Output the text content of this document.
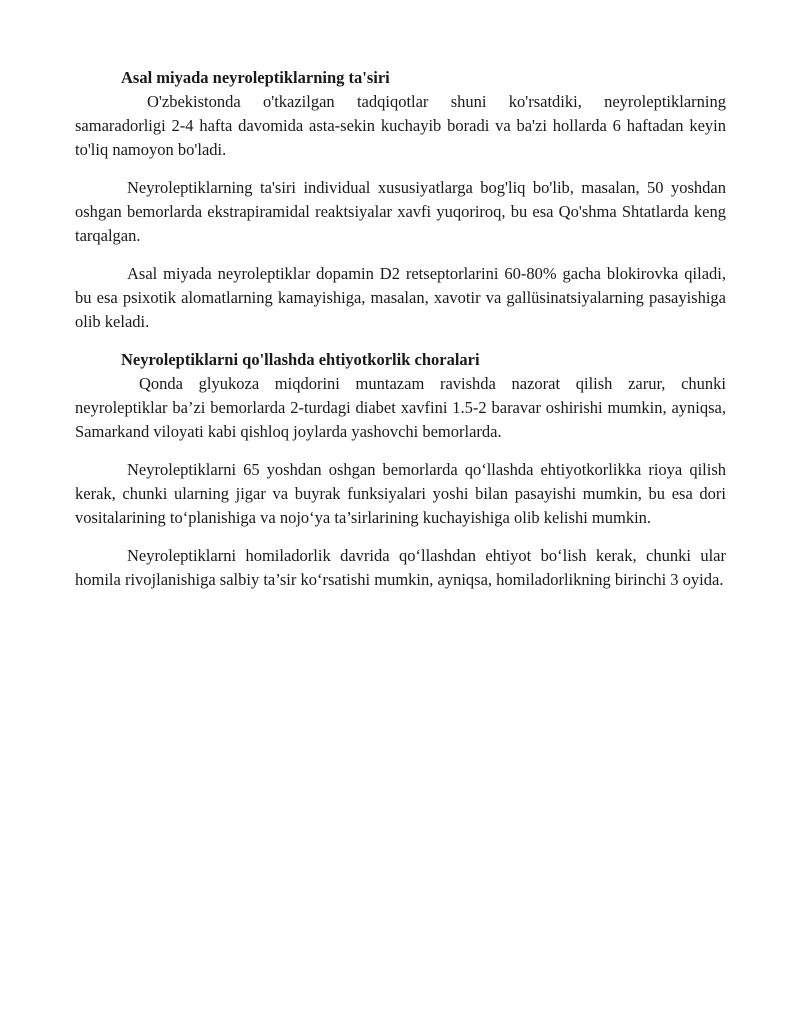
Asal miyada neyroleptiklarning ta'siri

O'zbekistonda o'tkazilgan tadqiqotlar shuni ko'rsatdiki, neyroleptiklarning samaradorligi 2-4 hafta davomida asta-sekin kuchayib boradi va ba'zi hollarda 6 haftadan keyin to'liq namoyon bo'ladi.

Neyroleptiklarning ta'siri individual xususiyatlarga bog'liq bo'lib, masalan, 50 yoshdan oshgan bemorlarda ekstrapiramidal reaktsiyalar xavfi yuqoriroq, bu esa Qo'shma Shtatlarda keng tarqalgan.

Asal miyada neyroleptiklar dopamin D2 retseptorlarini 60-80% gacha blokirovka qiladi, bu esa psixotik alomatlarning kamayishiga, masalan, xavotir va gallüsinatsiyalarning pasayishiga olib keladi.

Neyroleptiklarni qo'llashda ehtiyotkorlik choralari

Qonda glyukoza miqdorini muntazam ravishda nazorat qilish zarur, chunki neyroleptiklar ba’zi bemorlarda 2-turdagi diabet xavfini 1.5-2 baravar oshirishi mumkin, ayniqsa, Samarkand viloyati kabi qishloq joylarda yashovchi bemorlarda.

Neyroleptiklarni 65 yoshdan oshgan bemorlarda qo‘llashda ehtiyotkorlikka rioya qilish kerak, chunki ularning jigar va buyrak funksiyalari yoshi bilan pasayishi mumkin, bu esa dori vositalarining to‘planishiga va nojo‘ya ta’sirlarining kuchayishiga olib kelishi mumkin.

Neyroleptiklarni homiladorlik davrida qo‘llashdan ehtiyot bo‘lish kerak, chunki ular homila rivojlanishiga salbiy ta’sir ko‘rsatishi mumkin, ayniqsa, homiladorlikning birinchi 3 oyida.
